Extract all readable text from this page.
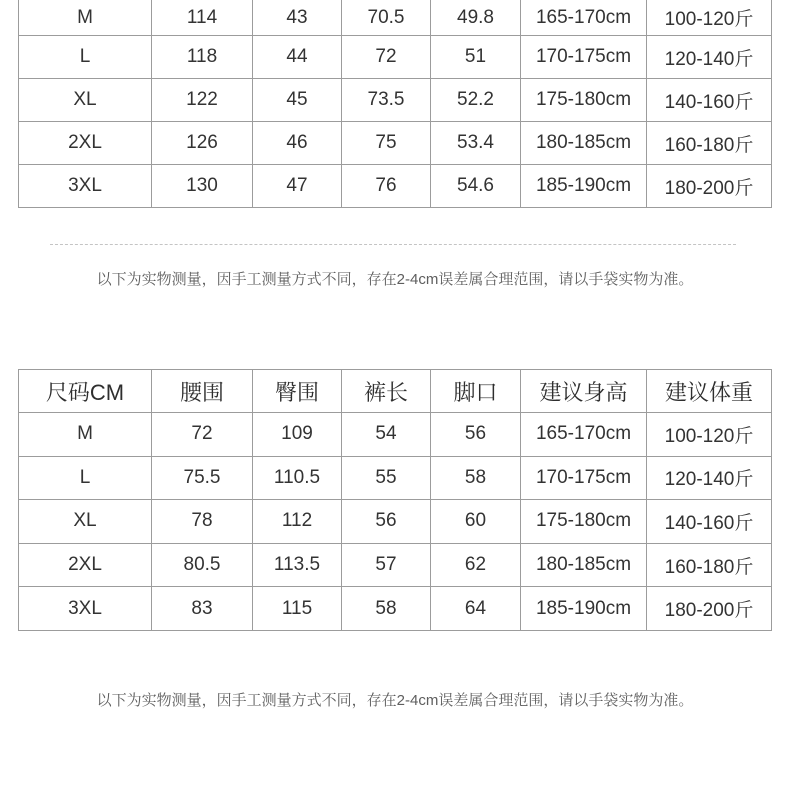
M	114	43	70.5	49.8	165-170cm	100-120斤
L	118	44	72	51	170-175cm	120-140斤
XL	122	45	73.5	52.2	175-180cm	140-160斤
2XL	126	46	75	53.4	180-185cm	160-180斤
3XL	130	47	76	54.6	185-190cm	180-200斤
以下为实物测量，因手工测量方式不同，存在2-4cm误差属合理范围，请以手袋实物为准。
尺码CM	腰围	臀围	裤长	脚口	建议身高	建议体重
M	72	109	54	56	165-170cm	100-120斤
L	75.5	110.5	55	58	170-175cm	120-140斤
XL	78	112	56	60	175-180cm	140-160斤
2XL	80.5	113.5	57	62	180-185cm	160-180斤
3XL	83	115	58	64	185-190cm	180-200斤
以下为实物测量，因手工测量方式不同，存在2-4cm误差属合理范围，请以手袋实物为准。
